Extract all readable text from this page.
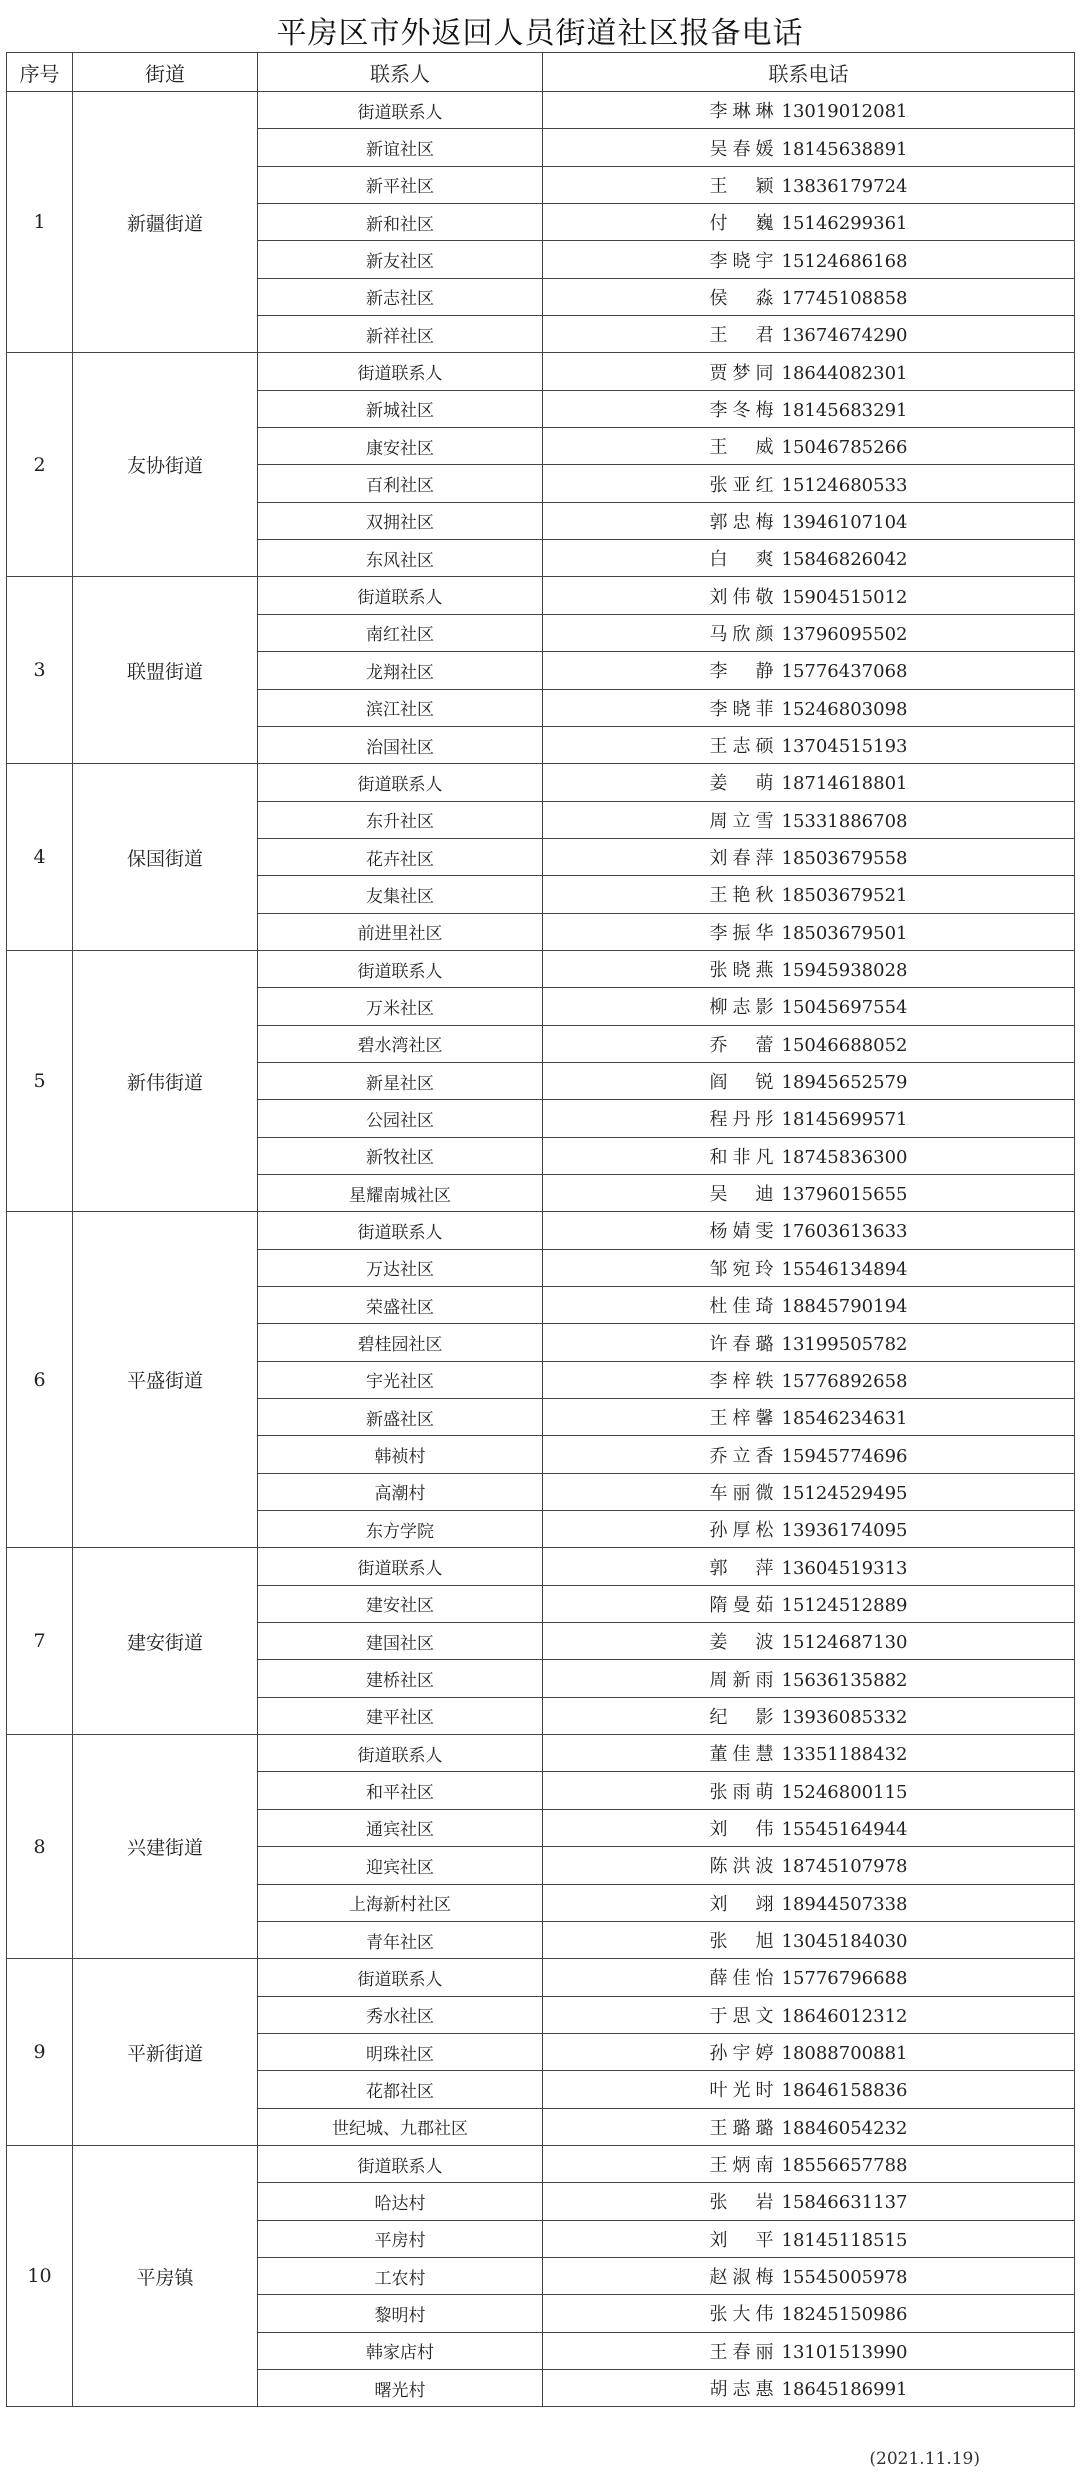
平房区市外返回人员街道社区报备电话
序号	街道	联系人	联系电话
1	新疆街道	街道联系人	李琳琳 13019012081
		新谊社区	吴春媛 18145638891
		新平社区	王　颖 13836179724
		新和社区	付　巍 15146299361
		新友社区	李晓宇 15124686168
		新志社区	侯　淼 17745108858
		新祥社区	王　君 13674674290
2	友协街道	街道联系人	贾梦同 18644082301
		新城社区	李冬梅 18145683291
		康安社区	王　威 15046785266
		百利社区	张亚红 15124680533
		双拥社区	郭忠梅 13946107104
		东风社区	白　爽 15846826042
3	联盟街道	街道联系人	刘伟敬 15904515012
		南红社区	马欣颜 13796095502
		龙翔社区	李　静 15776437068
		滨江社区	李晓菲 15246803098
		治国社区	王志硕 13704515193
4	保国街道	街道联系人	姜　萌 18714618801
		东升社区	周立雪 15331886708
		花卉社区	刘春萍 18503679558
		友集社区	王艳秋 18503679521
		前进里社区	李振华 18503679501
5	新伟街道	街道联系人	张晓燕 15945938028
		万米社区	柳志影 15045697554
		碧水湾社区	乔　蕾 15046688052
		新星社区	阎　锐 18945652579
		公园社区	程丹彤 18145699571
		新牧社区	和非凡 18745836300
		星耀南城社区	吴　迪 13796015655
6	平盛街道	街道联系人	杨婧雯 17603613633
		万达社区	邹宛玲 15546134894
		荣盛社区	杜佳琦 18845790194
		碧桂园社区	许春璐 13199505782
		宇光社区	李梓轶 15776892658
		新盛社区	王梓馨 18546234631
		韩祯村	乔立香 15945774696
		高潮村	车丽微 15124529495
		东方学院	孙厚松 13936174095
7	建安街道	街道联系人	郭　萍 13604519313
		建安社区	隋曼茹 15124512889
		建国社区	姜　波 15124687130
		建桥社区	周新雨 15636135882
		建平社区	纪　影 13936085332
8	兴建街道	街道联系人	董佳慧 13351188432
		和平社区	张雨萌 15246800115
		通宾社区	刘　伟 15545164944
		迎宾社区	陈洪波 18745107978
		上海新村社区	刘　翊 18944507338
		青年社区	张　旭 13045184030
9	平新街道	街道联系人	薛佳怡 15776796688
		秀水社区	于思文 18646012312
		明珠社区	孙宇婷 18088700881
		花都社区	叶光时 18646158836
		世纪城、九郡社区	王璐璐 18846054232
10	平房镇	街道联系人	王炳南 18556657788
		哈达村	张　岩 15846631137
		平房村	刘　平 18145118515
		工农村	赵淑梅 15545005978
		黎明村	张大伟 18245150986
		韩家店村	王春丽 13101513990
		曙光村	胡志惠 18645186991
(2021.11.19)
